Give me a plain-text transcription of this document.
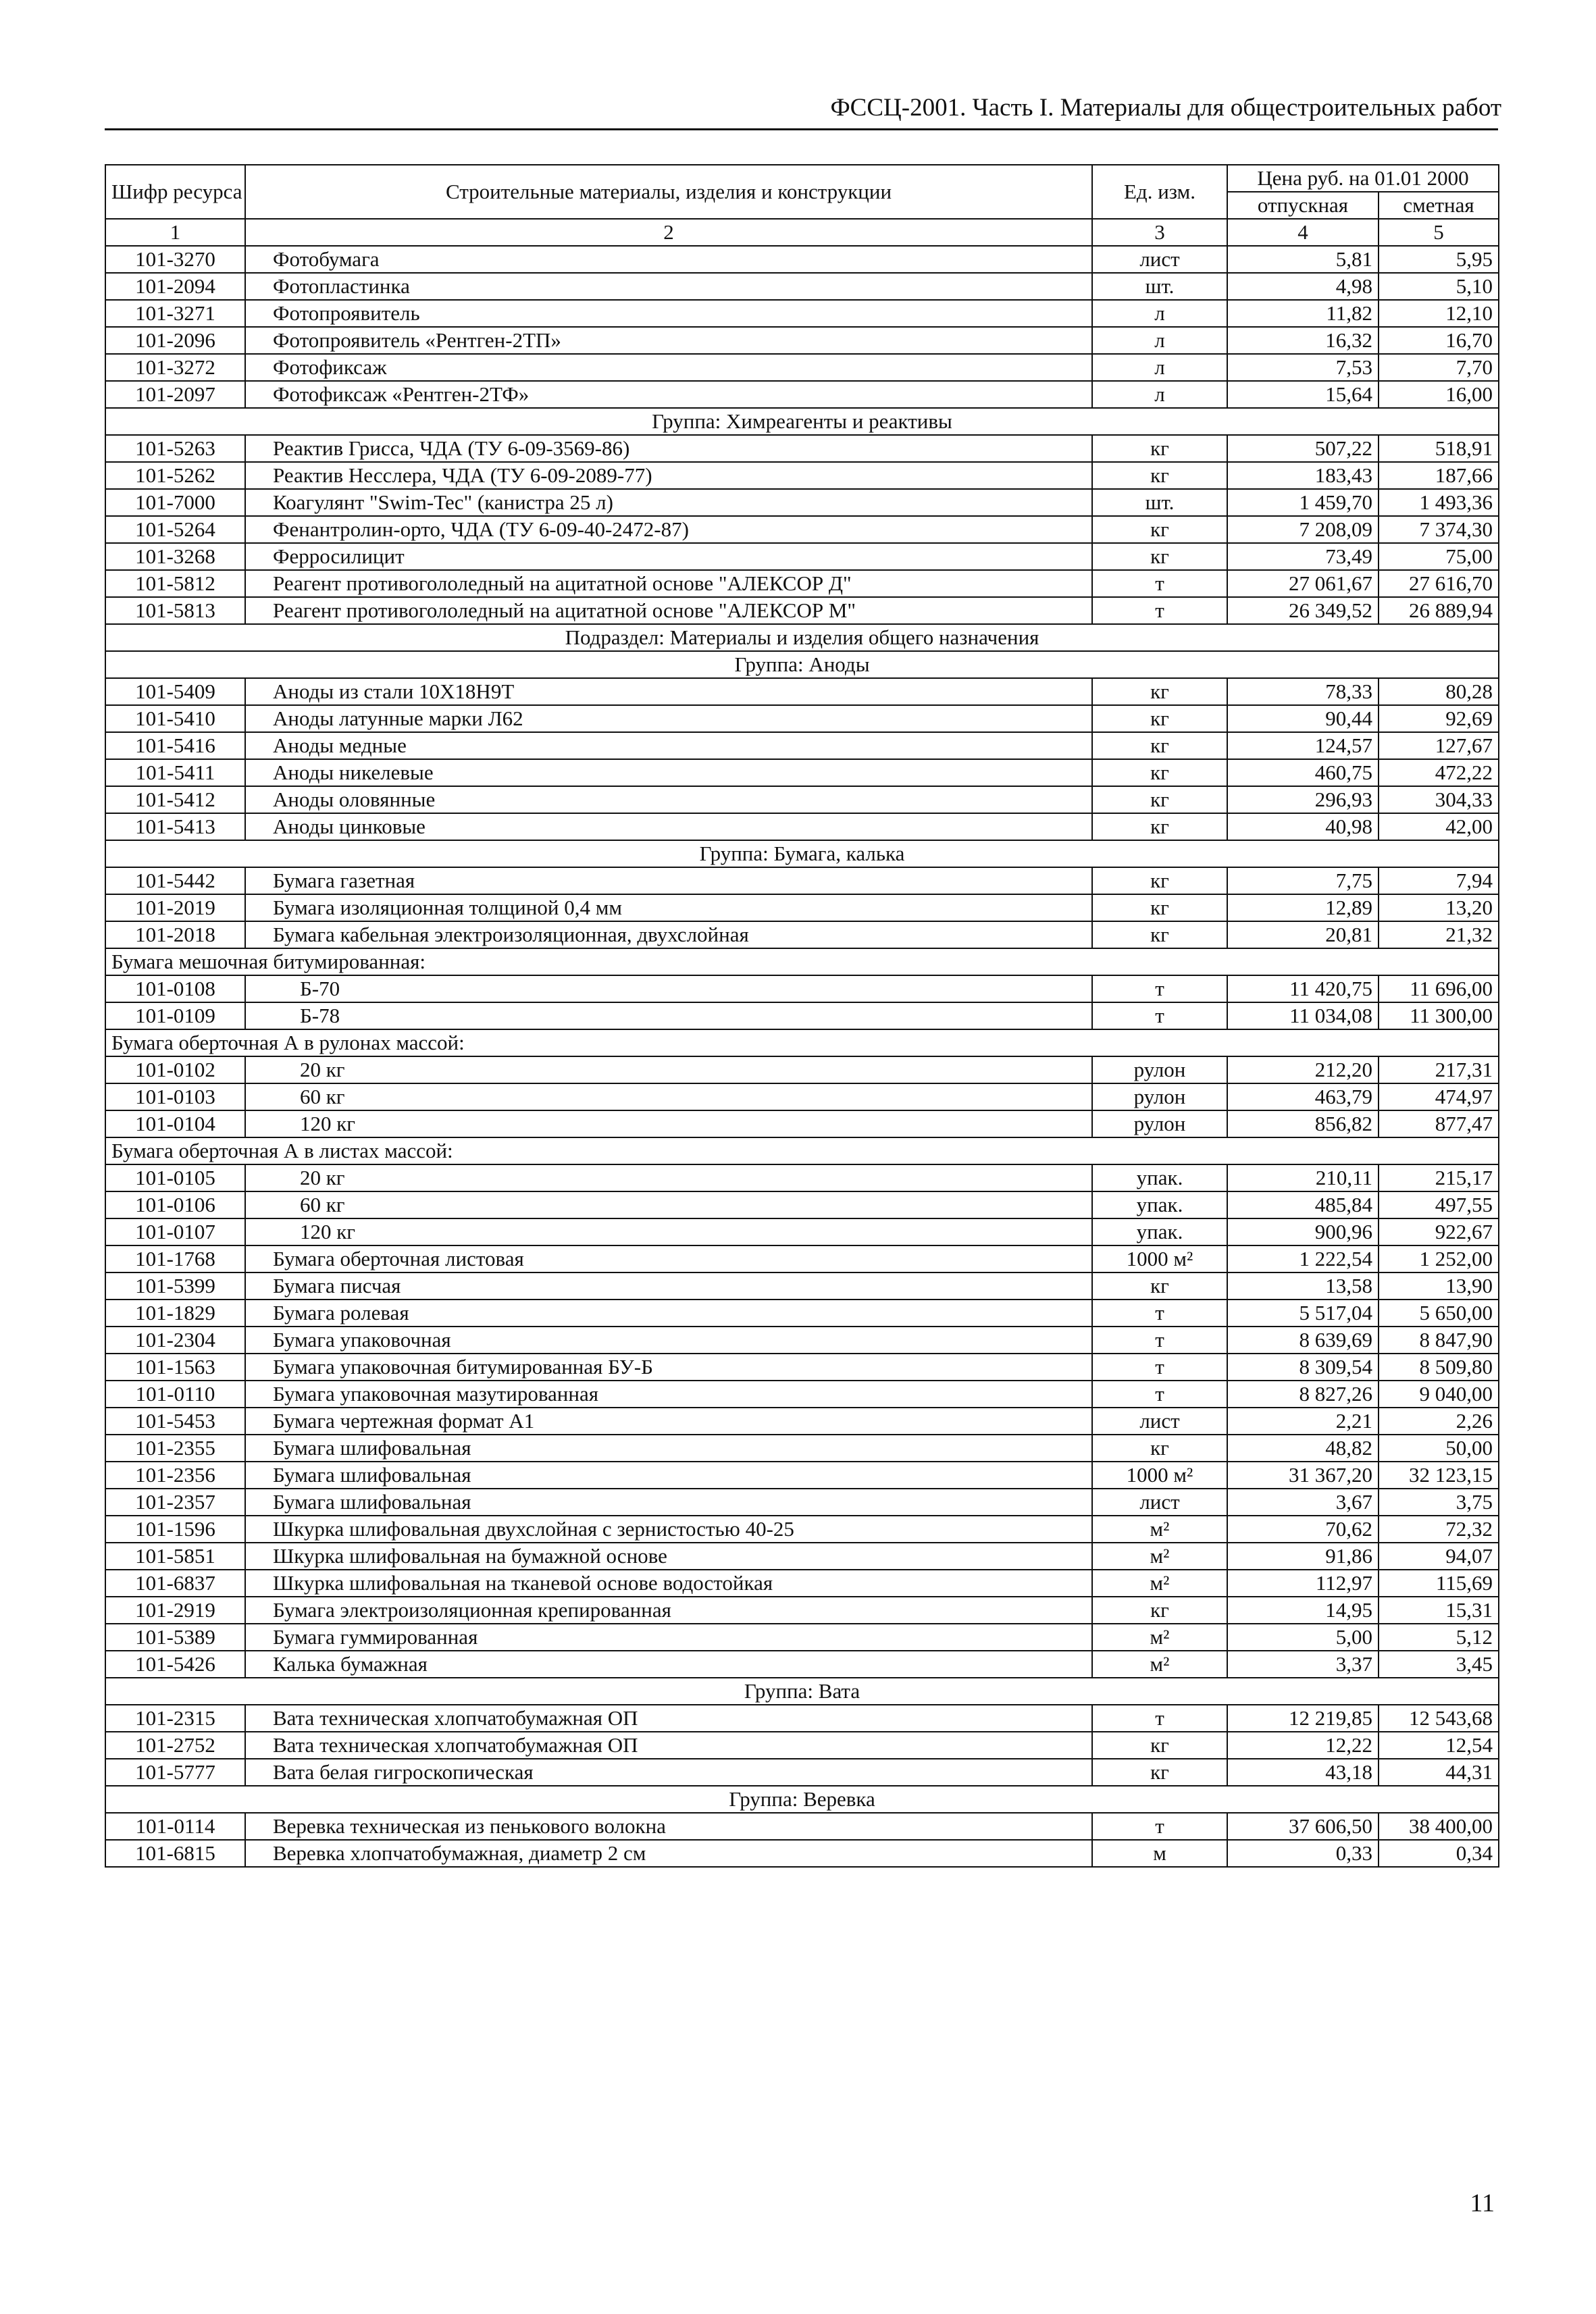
ФССЦ-2001. Часть I. Материалы для общестроительных работ
Шифр ресурса	Строительные материалы, изделия и конструкции	Ед. изм.	Цена руб. на 01.01 2000	
			отпускная	сметная
1	2	3	4	5
101-3270	Фотобумага	лист	5,81	5,95
101-2094	Фотопластинка	шт.	4,98	5,10
101-3271	Фотопроявитель	л	11,82	12,10
101-2096	Фотопроявитель «Рентген-2ТП»	л	16,32	16,70
101-3272	Фотофиксаж	л	7,53	7,70
101-2097	Фотофиксаж «Рентген-2ТФ»	л	15,64	16,00
Группа: Химреагенты и реактивы				
101-5263	Реактив Грисса, ЧДА (ТУ 6-09-3569-86)	кг	507,22	518,91
101-5262	Реактив Несслера, ЧДА (ТУ 6-09-2089-77)	кг	183,43	187,66
101-7000	Коагулянт "Swim-Tec" (канистра 25 л)	шт.	1 459,70	1 493,36
101-5264	Фенантролин-орто, ЧДА (ТУ 6-09-40-2472-87)	кг	7 208,09	7 374,30
101-3268	Ферросилицит	кг	73,49	75,00
101-5812	Реагент противогололедный на ацитатной основе "АЛЕКСОР Д"	т	27 061,67	27 616,70
101-5813	Реагент противогололедный на ацитатной основе "АЛЕКСОР М"	т	26 349,52	26 889,94
Подраздел: Материалы и изделия общего назначения				
Группа: Аноды				
101-5409	Аноды из стали 10Х18Н9Т	кг	78,33	80,28
101-5410	Аноды латунные марки Л62	кг	90,44	92,69
101-5416	Аноды медные	кг	124,57	127,67
101-5411	Аноды никелевые	кг	460,75	472,22
101-5412	Аноды оловянные	кг	296,93	304,33
101-5413	Аноды цинковые	кг	40,98	42,00
Группа: Бумага, калька				
101-5442	Бумага газетная	кг	7,75	7,94
101-2019	Бумага изоляционная толщиной 0,4 мм	кг	12,89	13,20
101-2018	Бумага кабельная электроизоляционная, двухслойная	кг	20,81	21,32
Бумага мешочная битумированная:				
101-0108	Б-70	т	11 420,75	11 696,00
101-0109	Б-78	т	11 034,08	11 300,00
Бумага оберточная А в рулонах массой:				
101-0102	20 кг	рулон	212,20	217,31
101-0103	60 кг	рулон	463,79	474,97
101-0104	120 кг	рулон	856,82	877,47
Бумага оберточная А в листах массой:				
101-0105	20 кг	упак.	210,11	215,17
101-0106	60 кг	упак.	485,84	497,55
101-0107	120 кг	упак.	900,96	922,67
101-1768	Бумага оберточная листовая	1000 м²	1 222,54	1 252,00
101-5399	Бумага писчая	кг	13,58	13,90
101-1829	Бумага ролевая	т	5 517,04	5 650,00
101-2304	Бумага упаковочная	т	8 639,69	8 847,90
101-1563	Бумага упаковочная битумированная БУ-Б	т	8 309,54	8 509,80
101-0110	Бумага упаковочная мазутированная	т	8 827,26	9 040,00
101-5453	Бумага чертежная формат А1	лист	2,21	2,26
101-2355	Бумага шлифовальная	кг	48,82	50,00
101-2356	Бумага шлифовальная	1000 м²	31 367,20	32 123,15
101-2357	Бумага шлифовальная	лист	3,67	3,75
101-1596	Шкурка шлифовальная двухслойная с зернистостью 40-25	м²	70,62	72,32
101-5851	Шкурка шлифовальная на бумажной основе	м²	91,86	94,07
101-6837	Шкурка шлифовальная на тканевой основе водостойкая	м²	112,97	115,69
101-2919	Бумага электроизоляционная крепированная	кг	14,95	15,31
101-5389	Бумага гуммированная	м²	5,00	5,12
101-5426	Калька бумажная	м²	3,37	3,45
Группа: Вата				
101-2315	Вата техническая хлопчатобумажная ОП	т	12 219,85	12 543,68
101-2752	Вата техническая хлопчатобумажная ОП	кг	12,22	12,54
101-5777	Вата белая гигроскопическая	кг	43,18	44,31
Группа: Веревка				
101-0114	Веревка техническая из пенькового волокна	т	37 606,50	38 400,00
101-6815	Веревка хлопчатобумажная, диаметр 2 см	м	0,33	0,34
11
